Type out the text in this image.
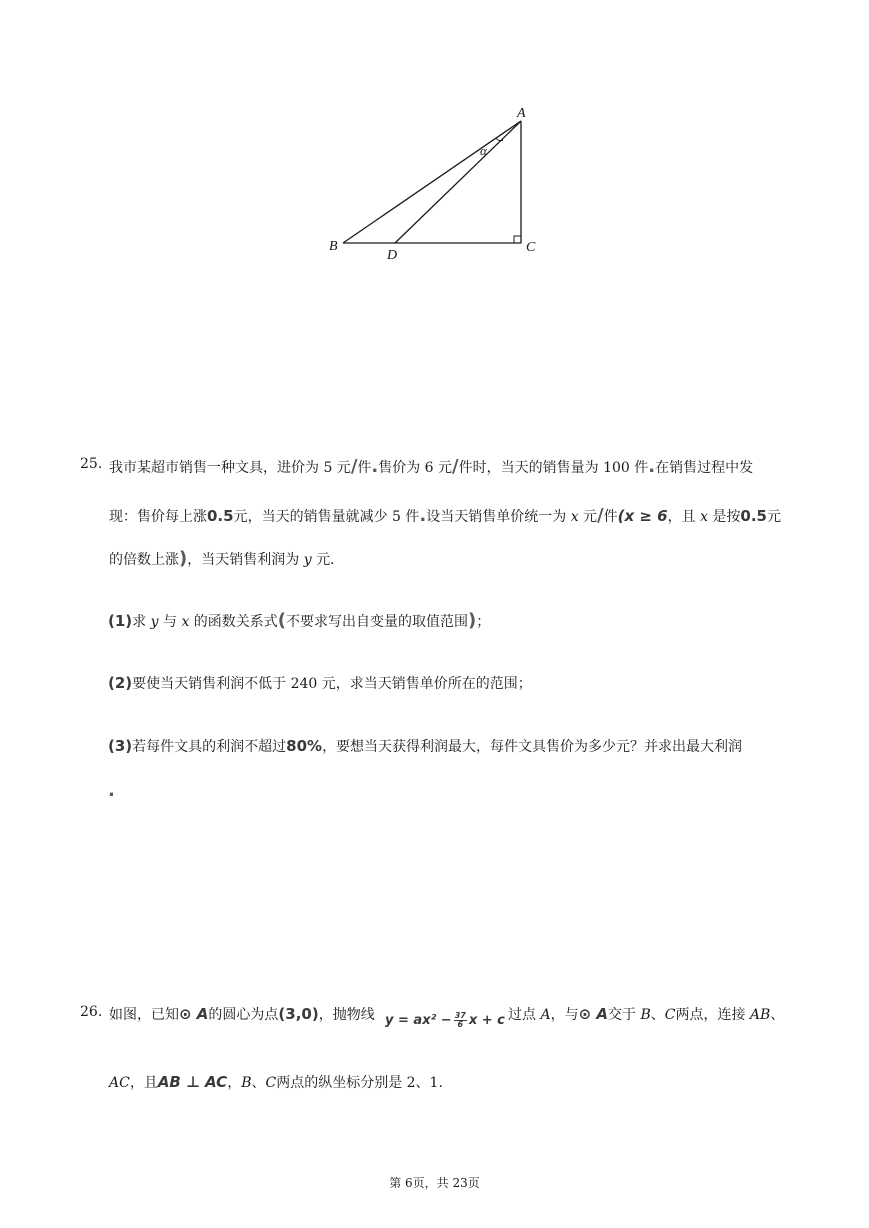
A
B	C
D
α
25. 我市某超市销售一种文具，进价为 5 元/件.售价为 6 元/件时，当天的销售量为 100 件.在销售过程中发
现：售价每上涨0.5元，当天的销售量就减少 5 件.设当天销售单价统一为 x 元/件(x ≥ 6，且 x 是按0.5元
的倍数上涨)，当天销售利润为 y 元.
(1)求 y 与 x 的函数关系式(不要求写出自变量的取值范围)；
(2)要使当天销售利润不低于 240 元，求当天销售单价所在的范围；
(3)若每件文具的利润不超过80%，要想当天获得利润最大，每件文具售价为多少元？并求出最大利润
.
26. 如图，已知⊙ A的圆心为点(3,0)，抛物线 $y = ax^2 - \frac{37}{6}$ x + c 过点 A，与⊙ A交于 B、C两点，连接 AB、
AC，且AB ⊥ AC，B、C两点的纵坐标分别是 2、1.
第 6页，共 23页
